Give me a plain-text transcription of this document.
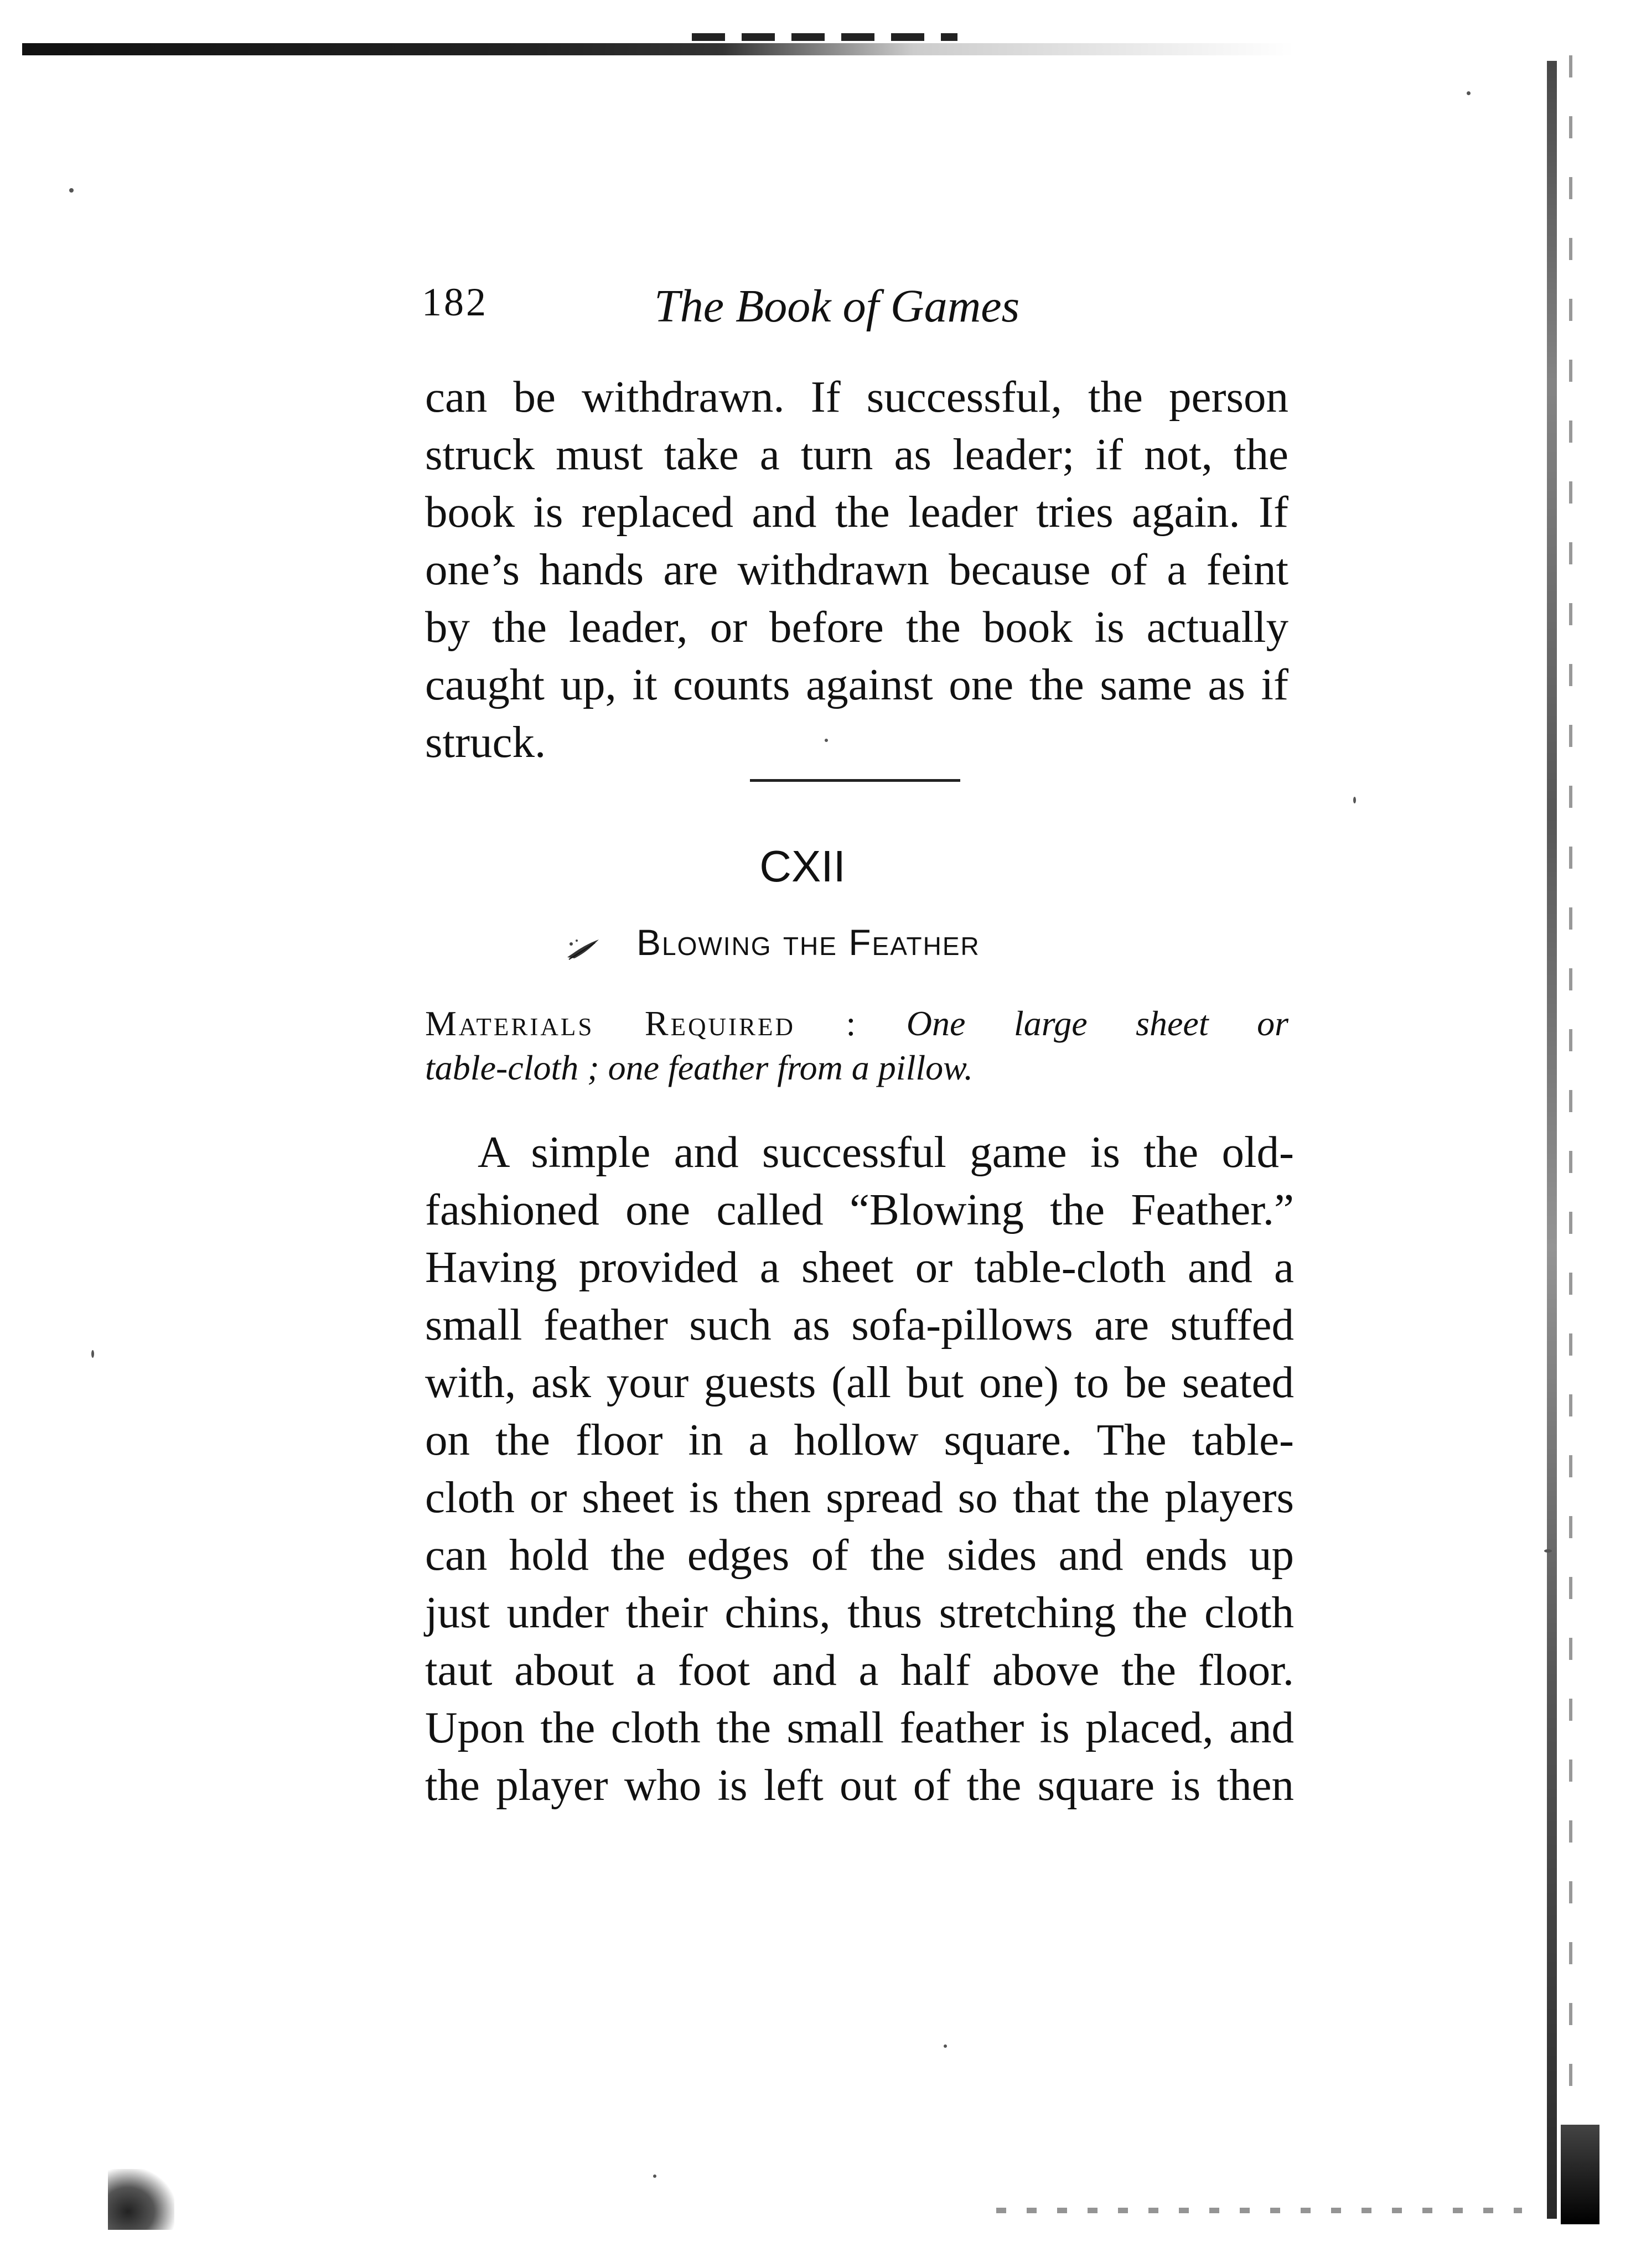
182	The Book of Games
can be withdrawn. If successful, the person
struck must take a turn as leader; if not, the
book is replaced and the leader tries again. If
one’s hands are withdrawn because of a feint
by the leader, or before the book is actually
caught up, it counts against one the same as if
struck.
CXII
Blowing the Feather
Materials Required : One large sheet or
table-cloth ; one feather from a pillow.
A simple and successful game is the old-
fashioned one called “Blowing the Feather.”
Having provided a sheet or table-cloth and a
small feather such as sofa-pillows are stuffed
with, ask your guests (all but one) to be seated
on the floor in a hollow square. The table-
cloth or sheet is then spread so that the players
can hold the edges of the sides and ends up
just under their chins, thus stretching the cloth
taut about a foot and a half above the floor.
Upon the cloth the small feather is placed, and
the player who is left out of the square is then
